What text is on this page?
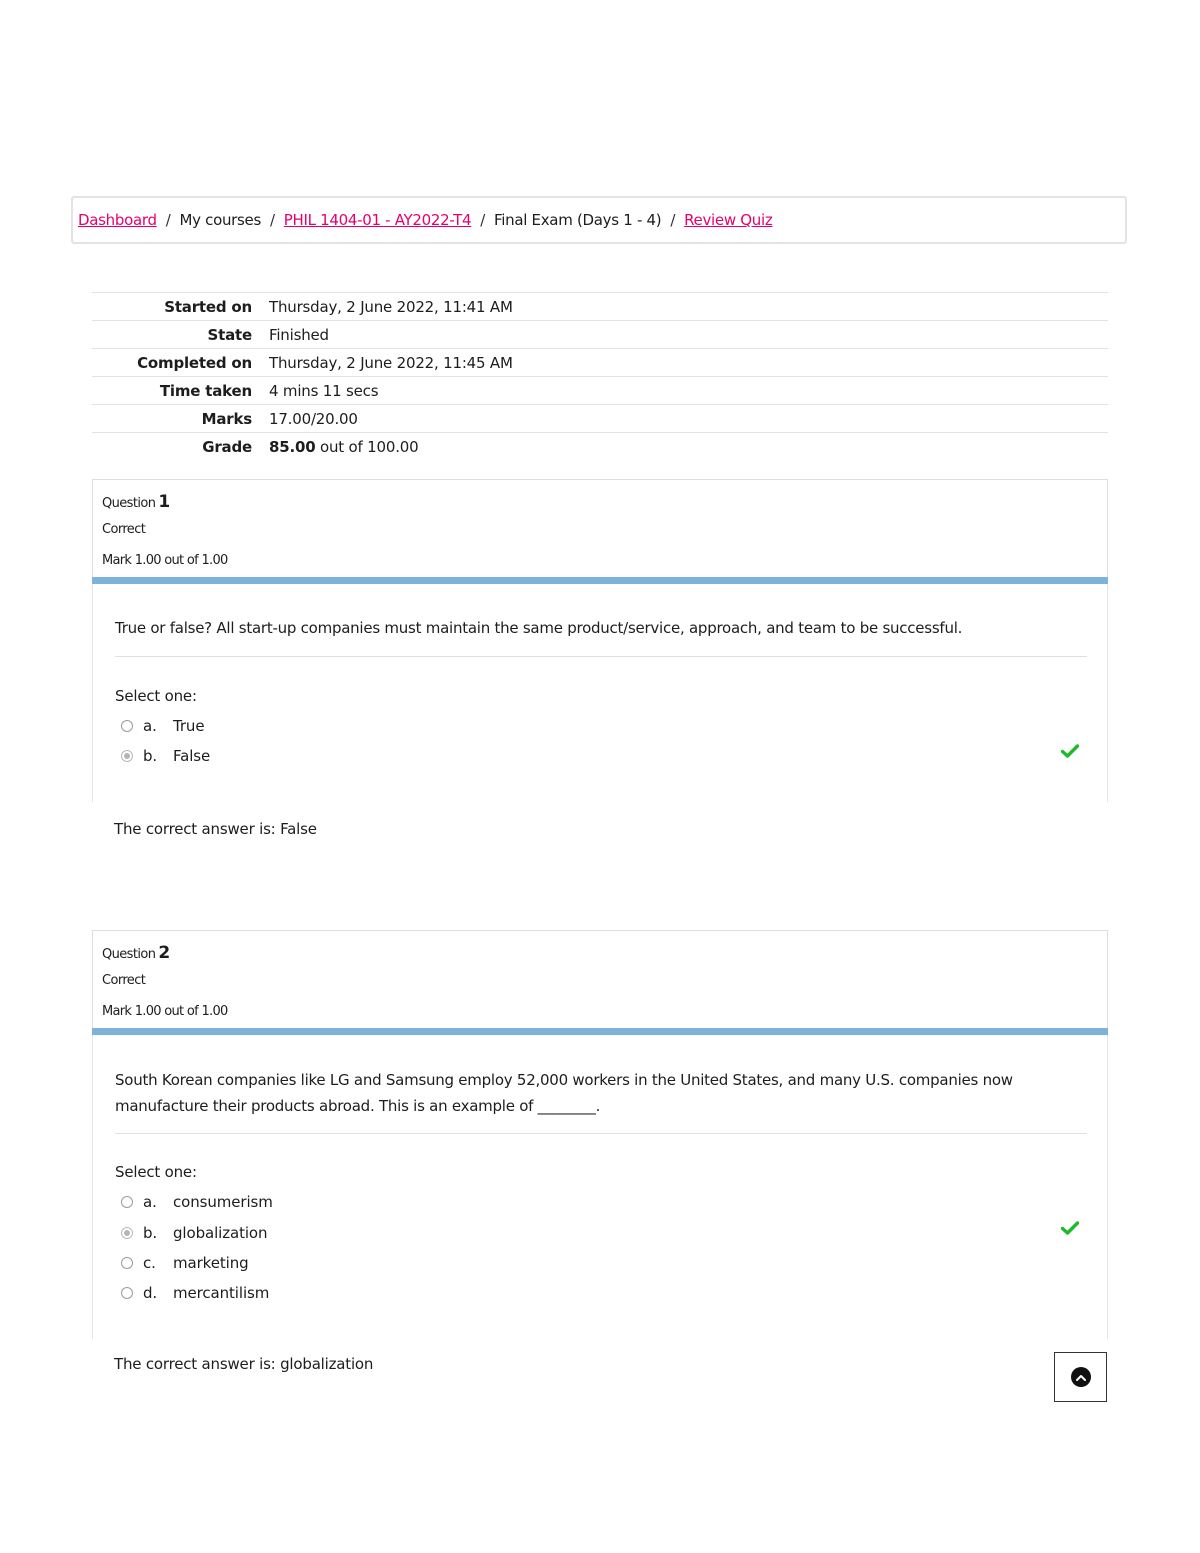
Dashboard / My courses / PHIL 1404-01 - AY2022-T4 / Final Exam (Days 1 - 4) / Review Quiz
Started on	Thursday, 2 June 2022, 11:41 AM
State	Finished
Completed on	Thursday, 2 June 2022, 11:45 AM
Time taken	4 mins 11 secs
Marks	17.00/20.00
Grade	85.00 out of 100.00
Question 1
Correct
Mark 1.00 out of 1.00
True or false? All start-up companies must maintain the same product/service, approach, and team to be successful.
Select one:
a.	True
b.	False
The correct answer is: False
Question 2
Correct
Mark 1.00 out of 1.00
South Korean companies like LG and Samsung employ 52,000 workers in the United States, and many U.S. companies now
manufacture their products abroad. This is an example of ________.
Select one:
a.	consumerism
b.	globalization
c.	marketing
d.	mercantilism
The correct answer is: globalization
